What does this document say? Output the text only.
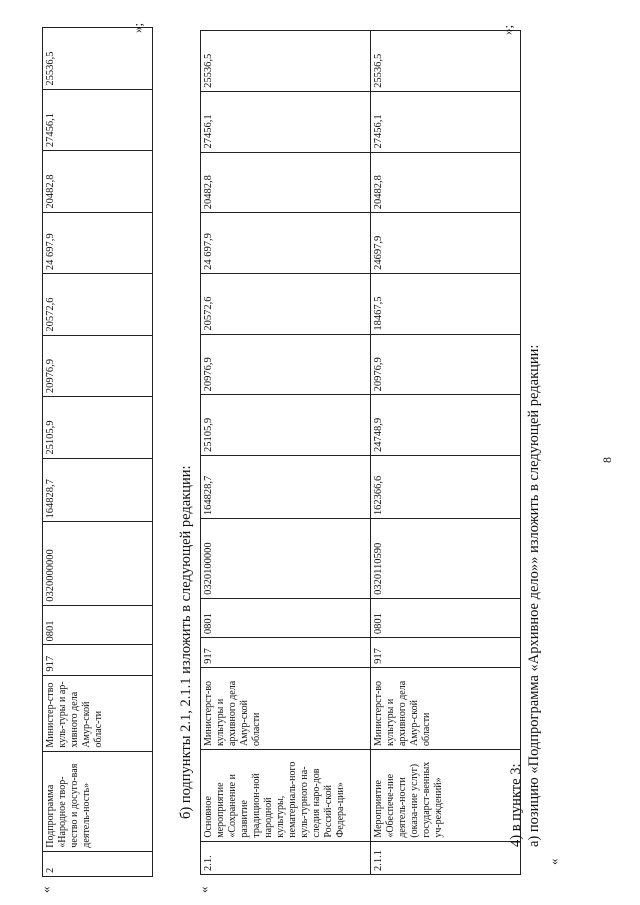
8
«
2	Подпрограмма «Народное твор-чество и досуго-вая деятель-ность»	Министер-ство куль-туры и ар-хивного дела Амур-ской облас-ти	917	0801	0320000000	164828,7	25105,9	20976,9	20572,6	24 697,9	20482,8	27456,1	25536,5
»;
б) подпункты 2.1, 2.1.1 изложить в следующей редакции:
«
2.1.	Основное мероприятие «Сохранение и развитие традицион-ной народной культуры, нематериаль-ного куль-турного на-следия наро-дов Россий-ской Федера-ции»	Министерст-во культуры и архивного дела Амур-ской области	917	0801	0320100000	164828,7	25105,9	20976,9	20572,6	24 697,9	20482,8	27456,1	25536,5
2.1.1	Мероприятие «Обеспече-ние деятель-ности (оказа-ние услуг) государст-венных уч-реждений»	Министерст-во культуры и архивного дела Амур-ской области	917	0801	0320110590	162366,6	24748,9	20976,9	18467,5	24697,9	20482,8	27456,1	25536,5
»;
4) в пункте 3: а) позицию «Подпрограмма «Архивное дело»» изложить в следующей редакции:
«
